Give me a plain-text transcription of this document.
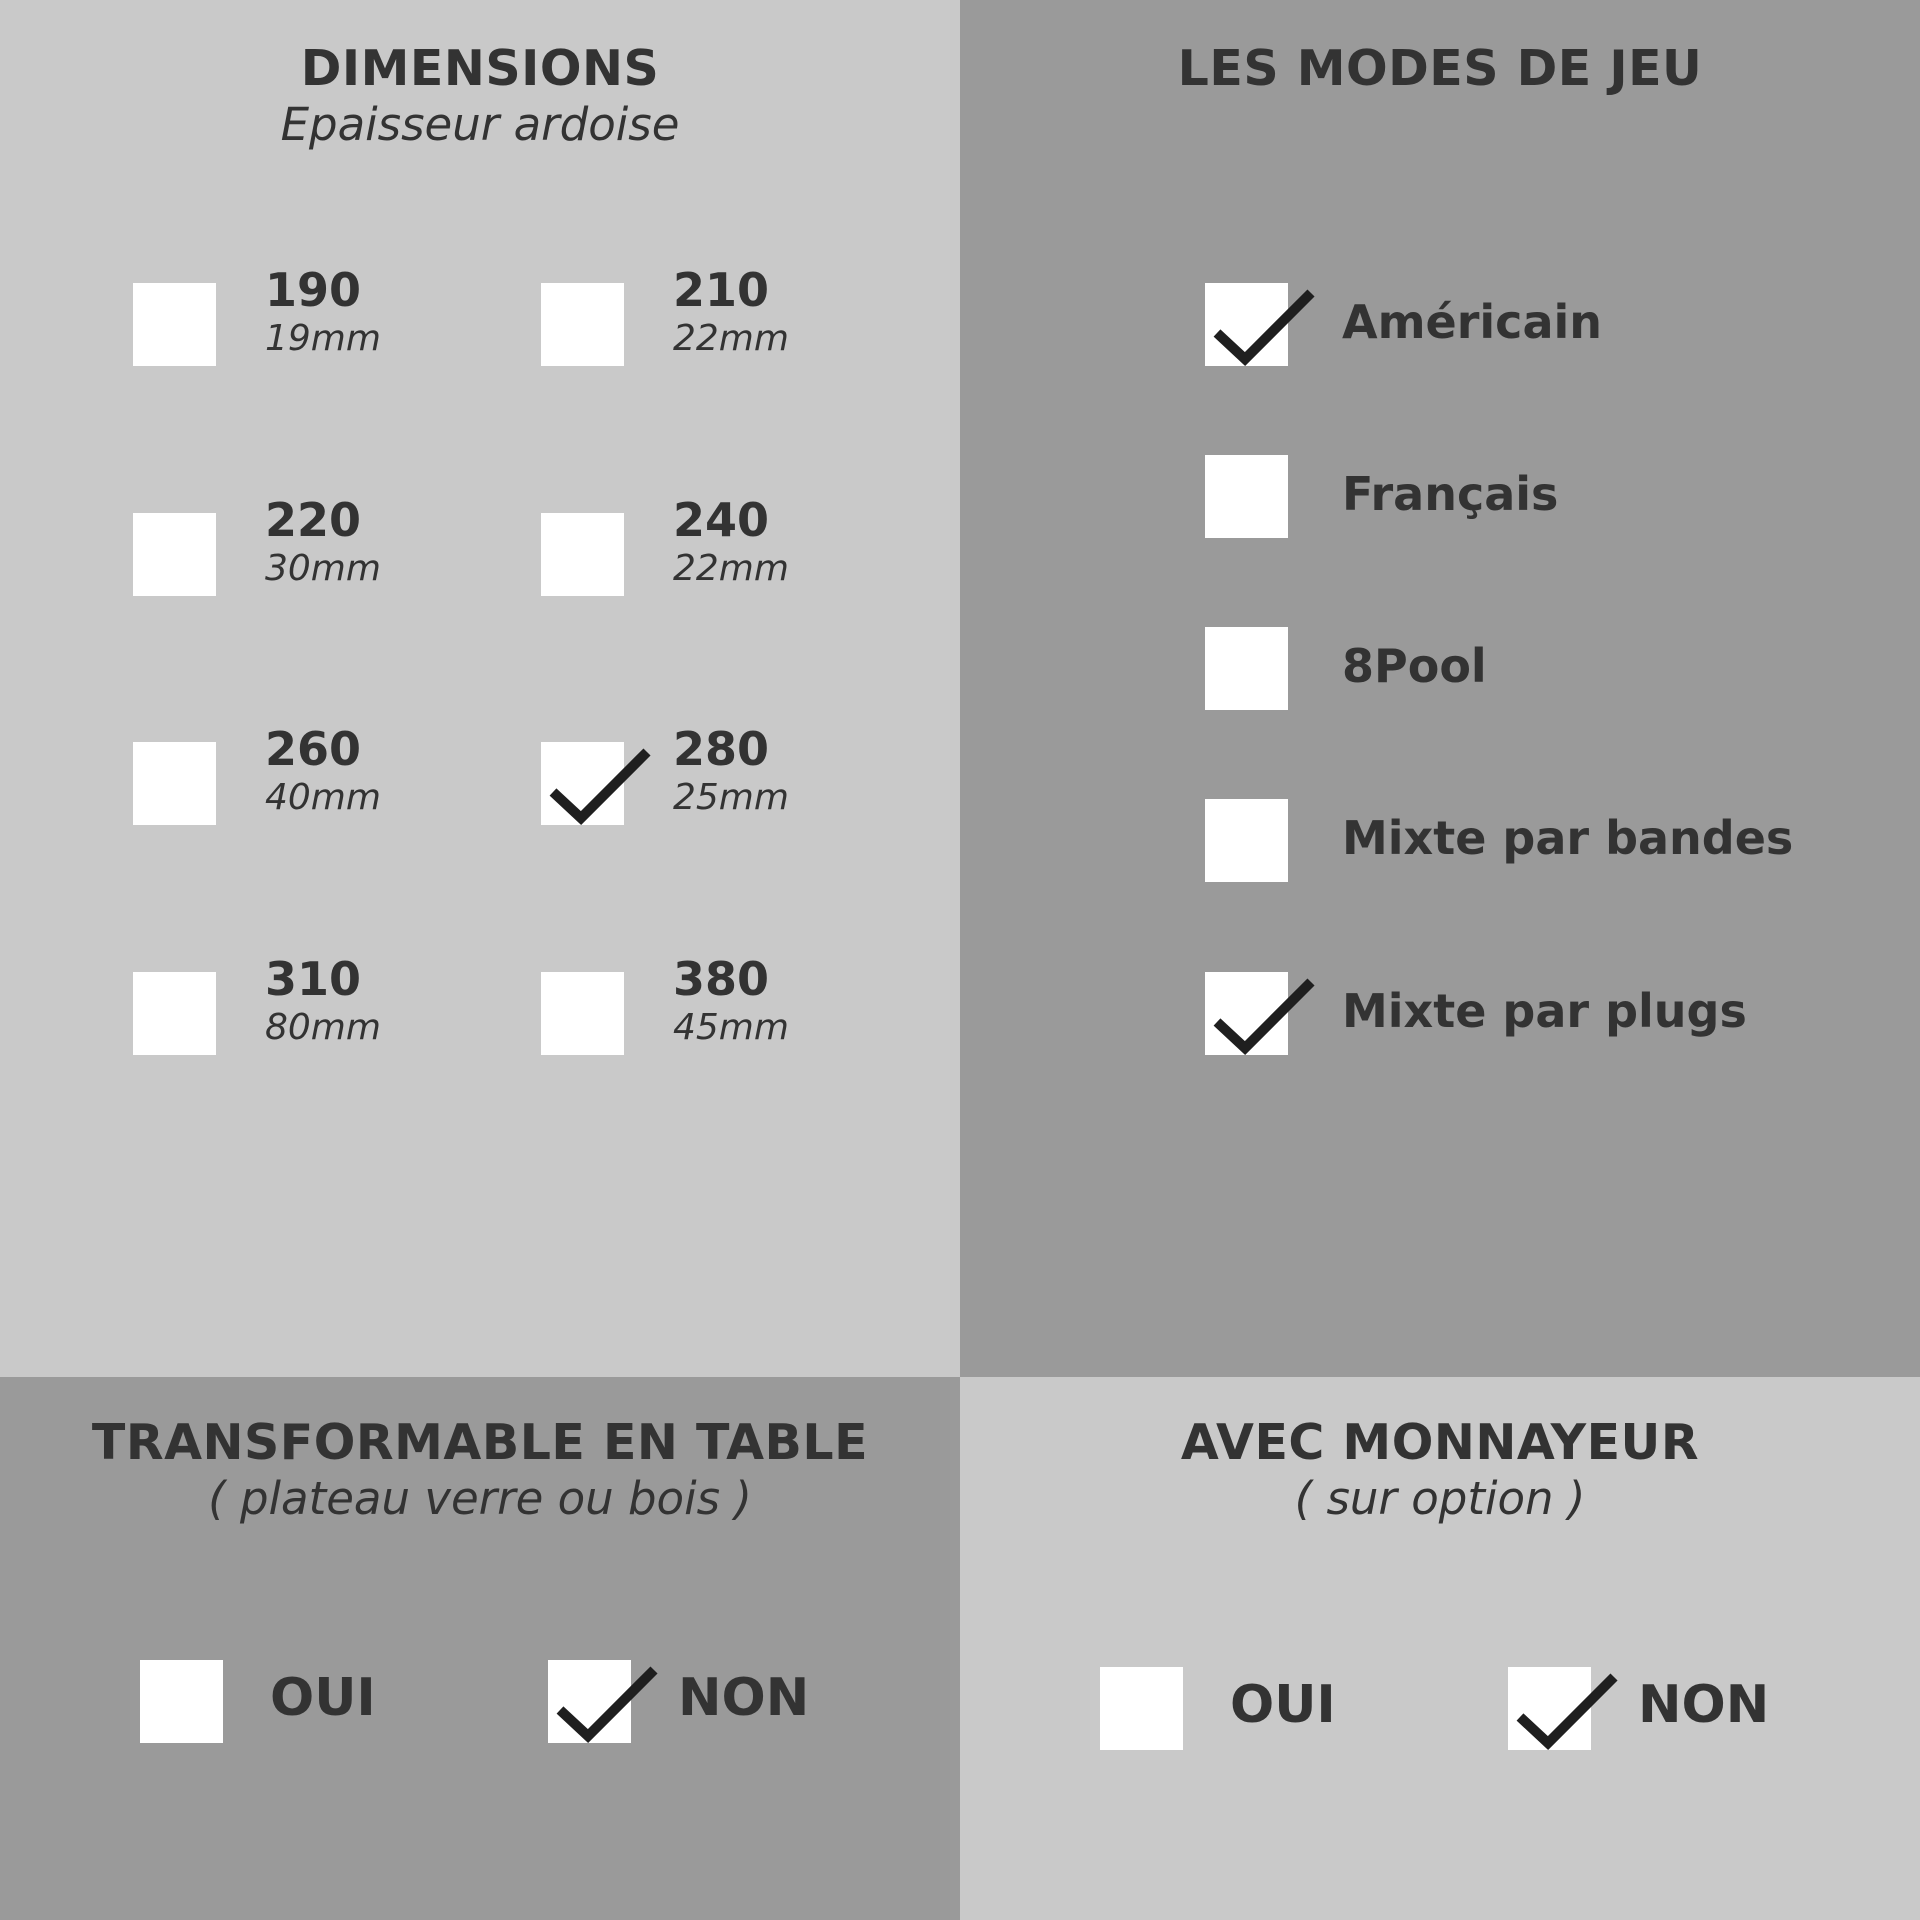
DIMENSIONS
Epaisseur ardoise
190
19mm
210
22mm
220
30mm
240
22mm
260
40mm
280
25mm
310
80mm
380
45mm
LES MODES DE JEU
Américain
Français
8Pool
Mixte par bandes
Mixte par plugs
TRANSFORMABLE EN TABLE
( plateau verre ou bois )
OUI	NON
AVEC MONNAYEUR
( sur option )
OUI	NON
